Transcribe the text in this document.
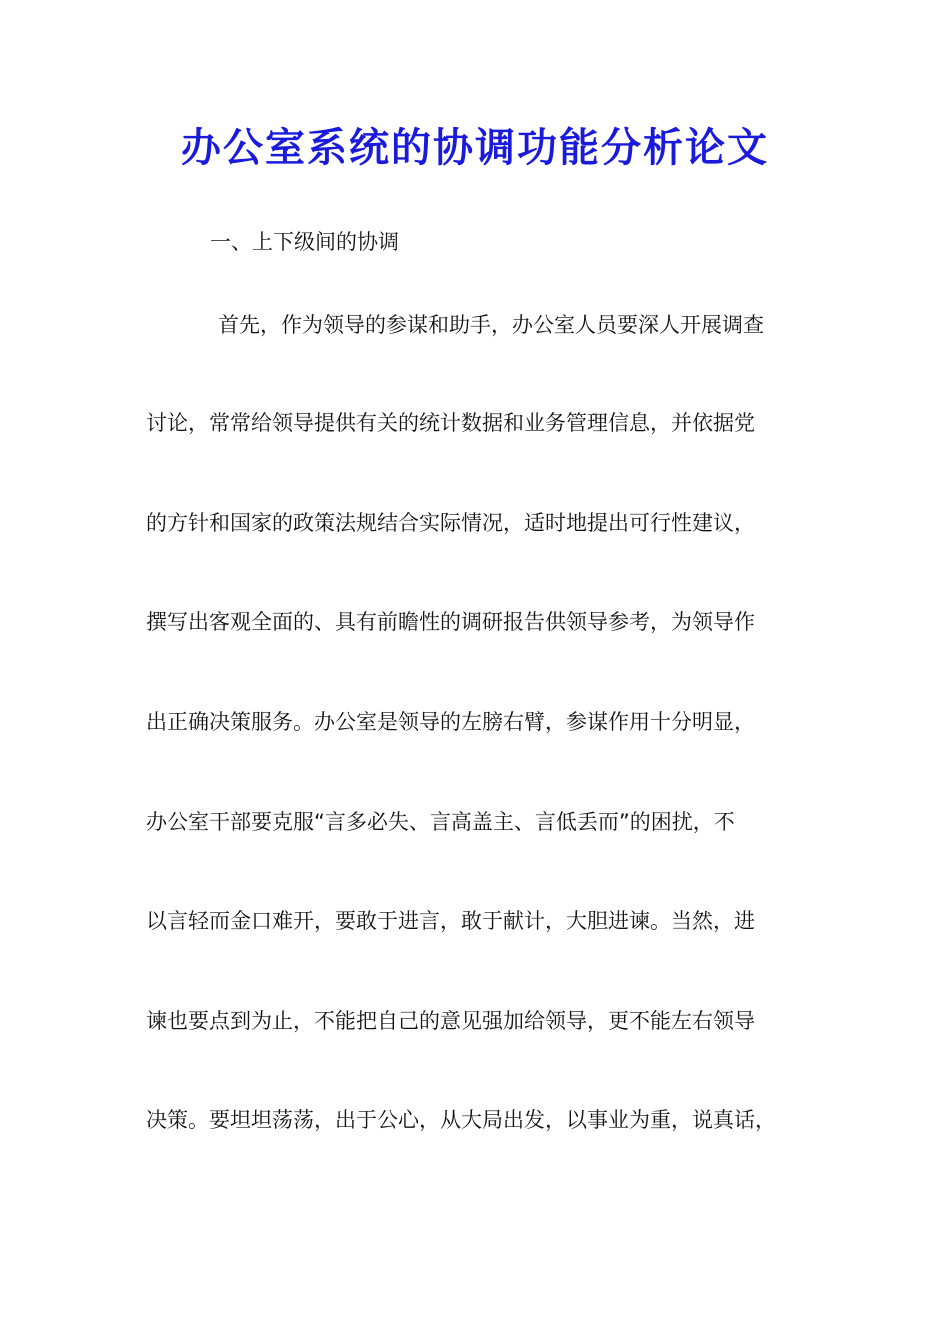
办公室系统的协调功能分析论文
一、上下级间的协调
首先，作为领导的参谋和助手，办公室人员要深人开展调查
讨论，常常给领导提供有关的统计数据和业务管理信息，并依据党
的方针和国家的政策法规结合实际情况，适时地提出可行性建议，
撰写出客观全面的、具有前瞻性的调研报告供领导参考，为领导作
出正确决策服务。办公室是领导的左膀右臂，参谋作用十分明显，
办公室干部要克服“言多必失、言高盖主、言低丢而”的困扰，不
以言轻而金口难开，要敢于进言，敢于献计，大胆进谏。当然，进
谏也要点到为止，不能把自己的意见强加给领导，更不能左右领导
决策。要坦坦荡荡，出于公心，从大局出发，以事业为重，说真话，
